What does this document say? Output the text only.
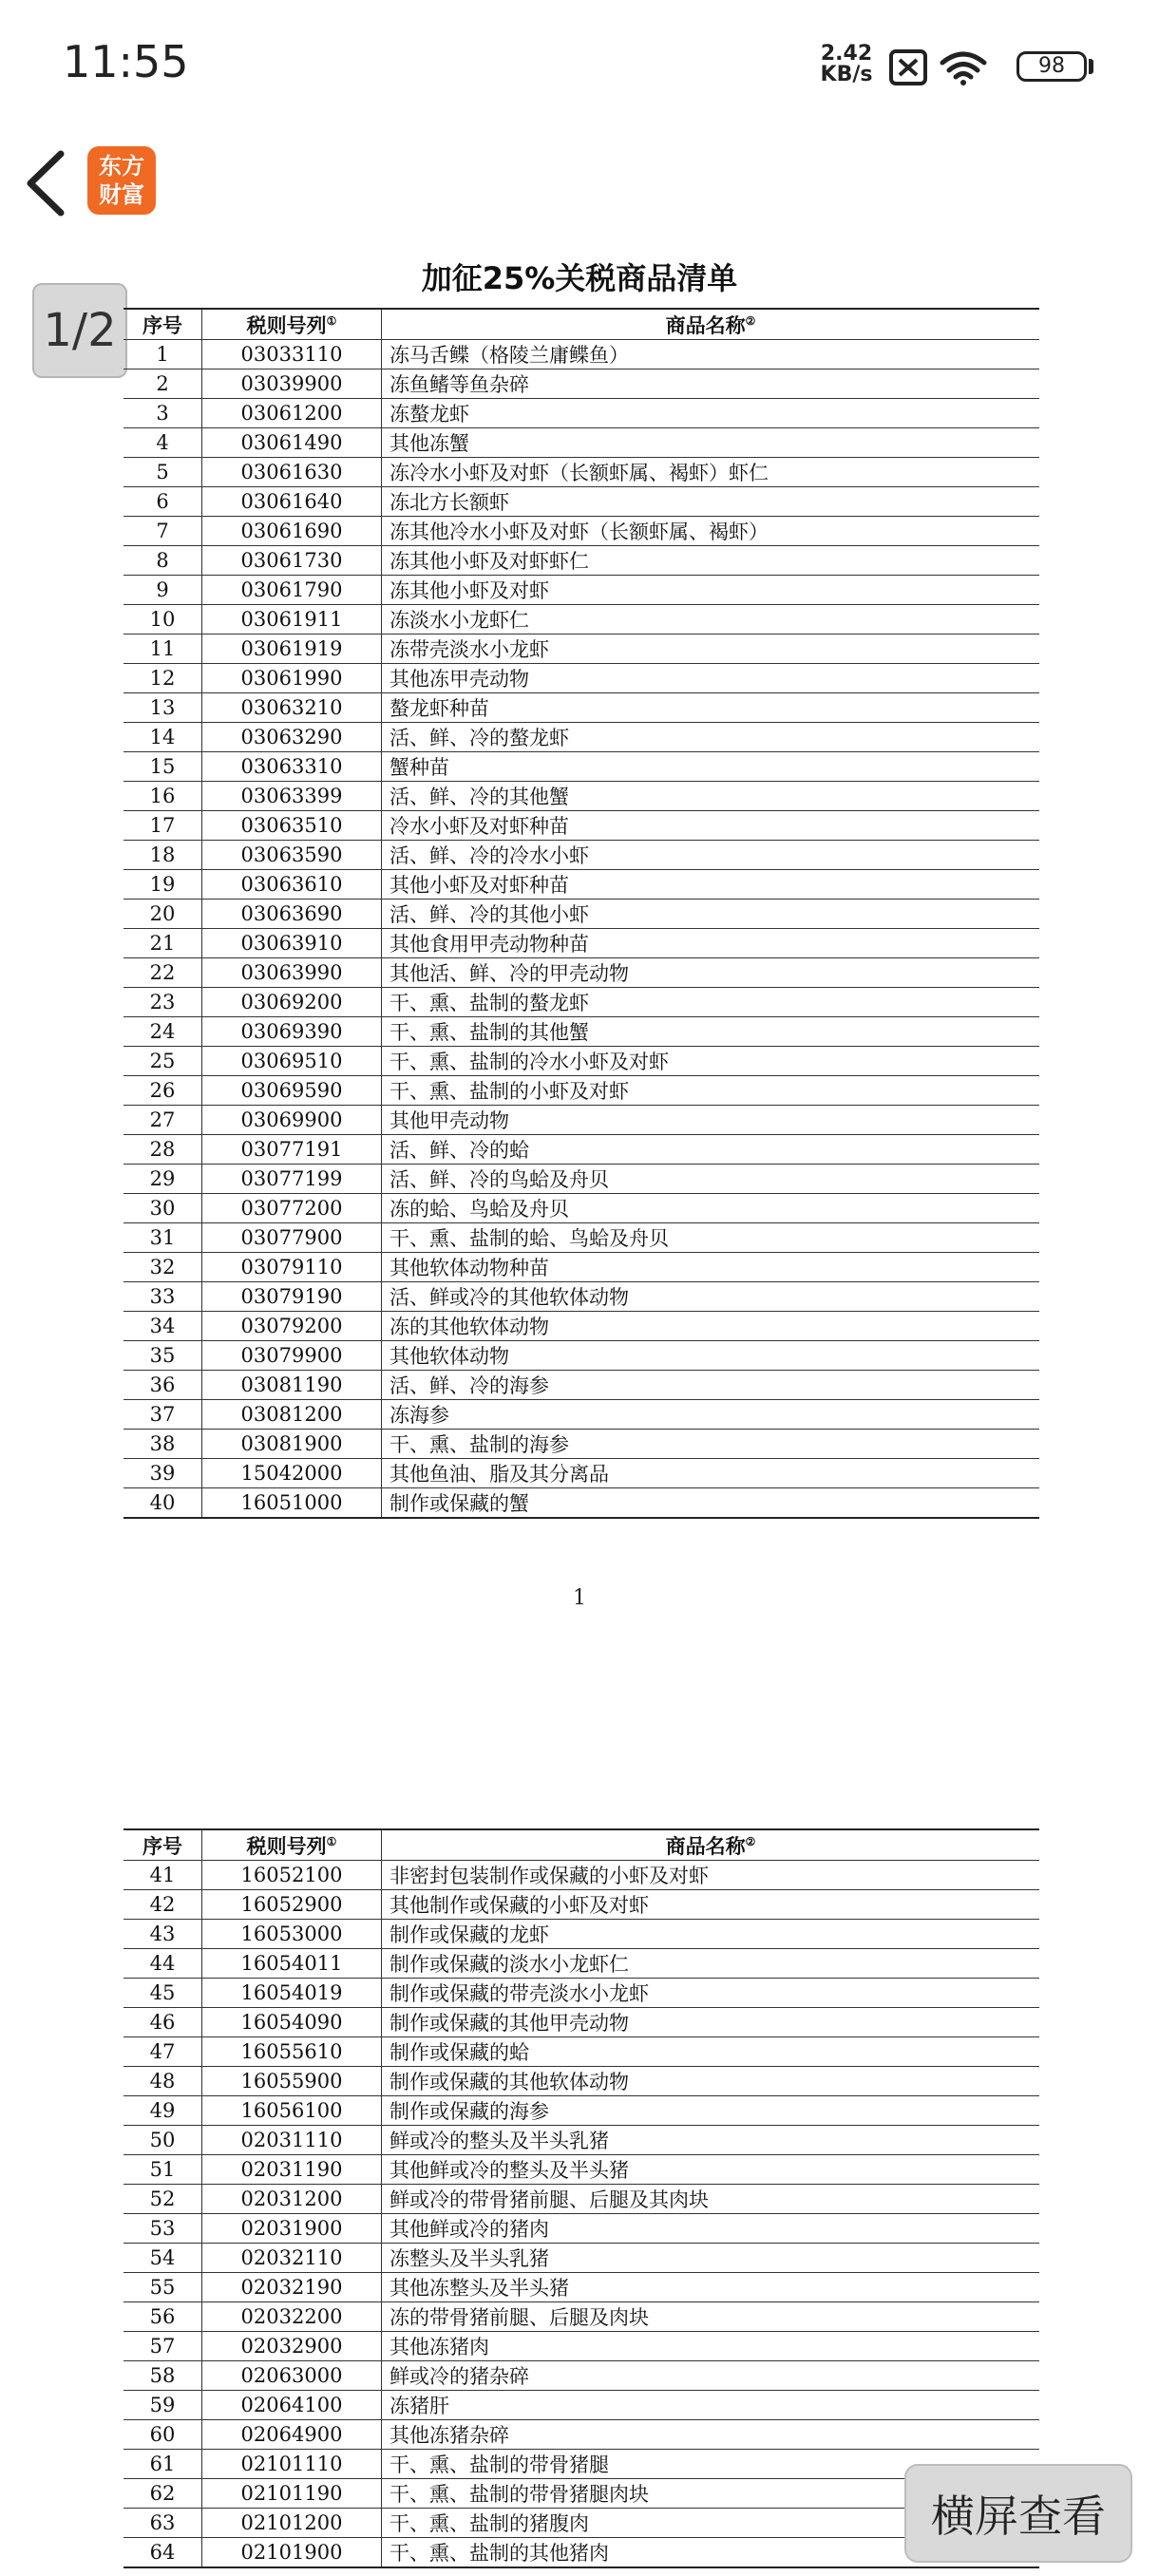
11:55	2.42
KB/s	98
东方
财富
加征25%关税商品清单
1/2	序号	税则号列①	商品名称②
1	03033110	冻马舌鲽（格陵兰庸鲽鱼）
2	03039900	冻鱼鳍等鱼杂碎
3	03061200	冻螯龙虾
4	03061490	其他冻蟹
5	03061630	冻冷水小虾及对虾（长额虾属、褐虾）虾仁
6	03061640	冻北方长额虾
7	03061690	冻其他冷水小虾及对虾（长额虾属、褐虾）
8	03061730	冻其他小虾及对虾虾仁
9	03061790	冻其他小虾及对虾
10	03061911	冻淡水小龙虾仁
11	03061919	冻带壳淡水小龙虾
12	03061990	其他冻甲壳动物
13	03063210	螯龙虾种苗
14	03063290	活、鲜、冷的螯龙虾
15	03063310	蟹种苗
16	03063399	活、鲜、冷的其他蟹
17	03063510	冷水小虾及对虾种苗
18	03063590	活、鲜、冷的冷水小虾
19	03063610	其他小虾及对虾种苗
20	03063690	活、鲜、冷的其他小虾
21	03063910	其他食用甲壳动物种苗
22	03063990	其他活、鲜、冷的甲壳动物
23	03069200	干、熏、盐制的螯龙虾
24	03069390	干、熏、盐制的其他蟹
25	03069510	干、熏、盐制的冷水小虾及对虾
26	03069590	干、熏、盐制的小虾及对虾
27	03069900	其他甲壳动物
28	03077191	活、鲜、冷的蛤
29	03077199	活、鲜、冷的鸟蛤及舟贝
30	03077200	冻的蛤、鸟蛤及舟贝
31	03077900	干、熏、盐制的蛤、鸟蛤及舟贝
32	03079110	其他软体动物种苗
33	03079190	活、鲜或冷的其他软体动物
34	03079200	冻的其他软体动物
35	03079900	其他软体动物
36	03081190	活、鲜、冷的海参
37	03081200	冻海参
38	03081900	干、熏、盐制的海参
39	15042000	其他鱼油、脂及其分离品
40	16051000	制作或保藏的蟹
1
序号	税则号列①	商品名称②
41	16052100	非密封包装制作或保藏的小虾及对虾
42	16052900	其他制作或保藏的小虾及对虾
43	16053000	制作或保藏的龙虾
44	16054011	制作或保藏的淡水小龙虾仁
45	16054019	制作或保藏的带壳淡水小龙虾
46	16054090	制作或保藏的其他甲壳动物
47	16055610	制作或保藏的蛤
48	16055900	制作或保藏的其他软体动物
49	16056100	制作或保藏的海参
50	02031110	鲜或冷的整头及半头乳猪
51	02031190	其他鲜或冷的整头及半头猪
52	02031200	鲜或冷的带骨猪前腿、后腿及其肉块
53	02031900	其他鲜或冷的猪肉
54	02032110	冻整头及半头乳猪
55	02032190	其他冻整头及半头猪
56	02032200	冻的带骨猪前腿、后腿及肉块
57	02032900	其他冻猪肉
58	02063000	鲜或冷的猪杂碎
59	02064100	冻猪肝
60	02064900	其他冻猪杂碎
61	02101110	干、熏、盐制的带骨猪腿
62	02101190	干、熏、盐制的带骨猪腿肉块
63	02101200	干、熏、盐制的猪腹肉
64	02101900	干、熏、盐制的其他猪肉
横屏查看
